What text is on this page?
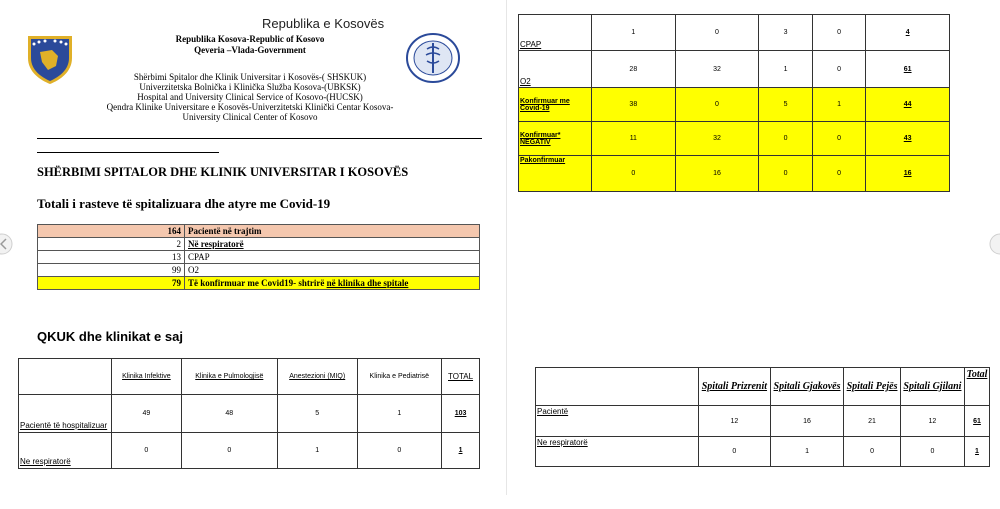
Republika e Kosovës
Republika Kosova-Republic of Kosovo
Qeveria –Vlada-Government
Shërbimi Spitalor dhe Klinik Universitar i Kosovës-( SHSKUK)
Univerzitetska Bolnička i Klinička Služba Kosova-(UBKSK)
Hospital and University Clinical Service of Kosovo-(HUCSK)
Qendra Klinike Universitare e Kosovës-Univerzitetski Klinički Centar Kosova-
University Clinical Center of Kosovo
SHËRBIMI SPITALOR DHE KLINIK UNIVERSITAR I KOSOVËS
Totali i rasteve të spitalizuara dhe atyre me Covid-19
164	Pacientë në trajtim
2	Në respiratorë
13	CPAP
99	O2
79	Të konfirmuar me Covid19- shtrirë në klinika dhe spitale
QKUK dhe klinikat e saj
	Klinika Infektive	Klinika e Pulmologjisë	Anestezioni (MIQ)	Klinika e Pediatrisë	TOTAL
Pacientë të hospitalizuar	49	48	5	1	103
Ne respiratorë	0	0	1	0	1
CPAP	1	0	3	0	4
O2	28	32	1	0	61
Konfirmuar me Covid-19	38	0	5	1	44
Konfirmuar* NEGATIV	11	32	0	0	43
Pakonfirmuar	0	16	0	0	16
	Spitali Prizrenit	Spitali Gjakovës	Spitali Pejës	Spitali Gjilani	Total
Pacientë	12	16	21	12	61
Ne respiratorë	0	1	0	0	1
